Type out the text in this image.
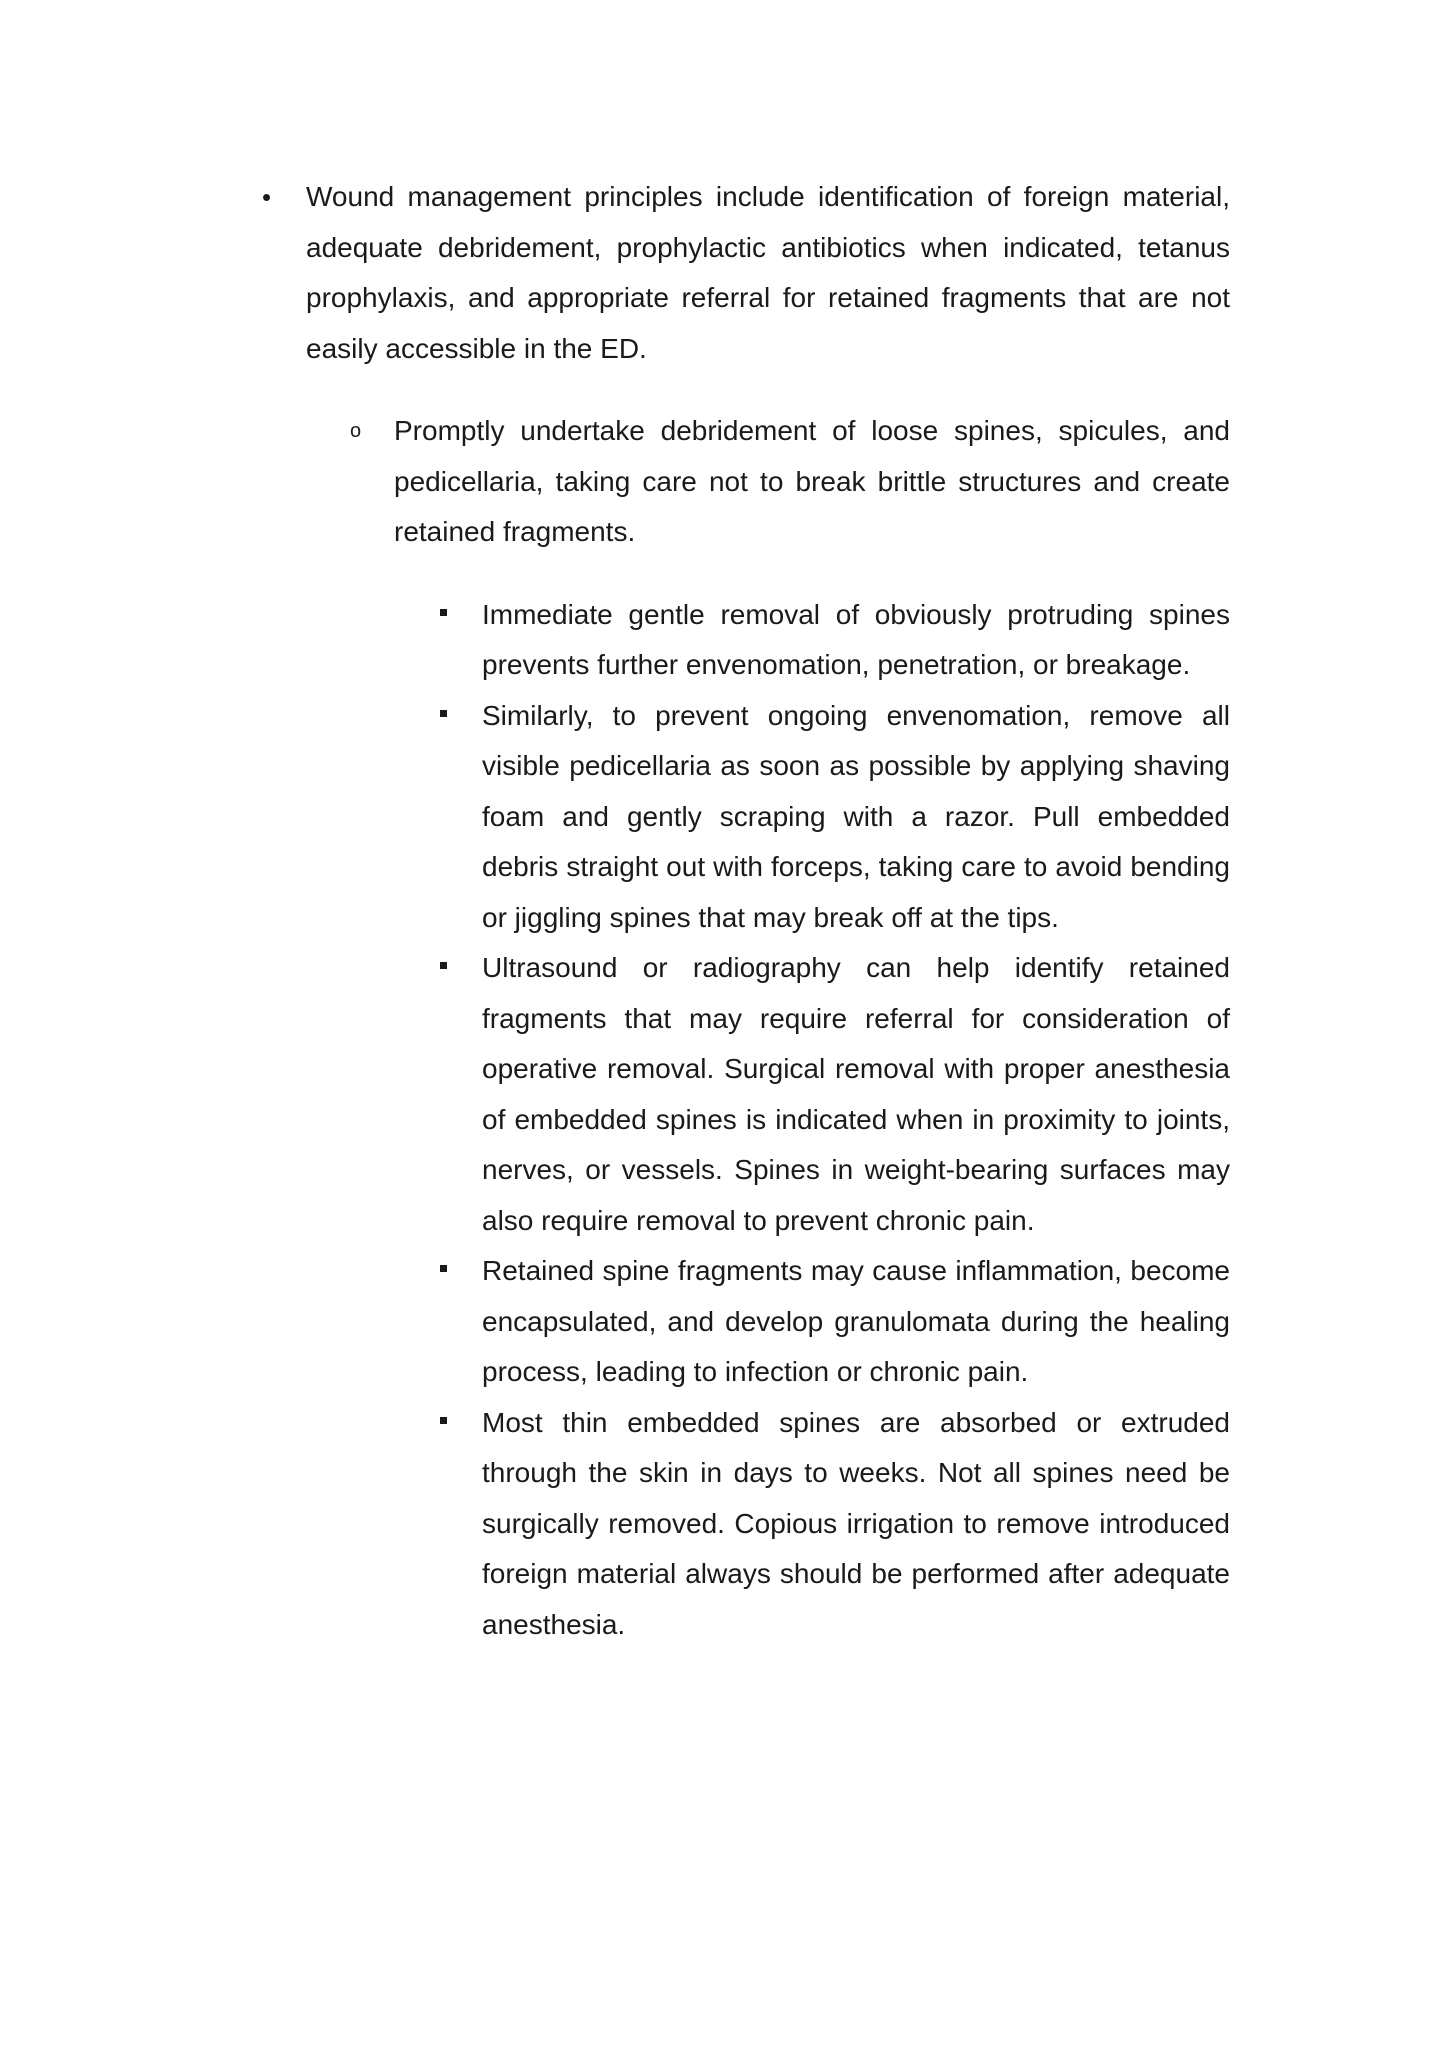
• Wound management principles include identification of foreign material, adequate debridement, prophylactic antibiotics when indicated, tetanus prophylaxis, and appropriate referral for retained fragments that are not easily accessible in the ED.

o Promptly undertake debridement of loose spines, spicules, and pedicellaria, taking care not to break brittle structures and create retained fragments.

Immediate gentle removal of obviously protruding spines prevents further envenomation, penetration, or breakage.

Similarly, to prevent ongoing envenomation, remove all visible pedicellaria as soon as possible by applying shaving foam and gently scraping with a razor. Pull embedded debris straight out with forceps, taking care to avoid bending or jiggling spines that may break off at the tips.

Ultrasound or radiography can help identify retained fragments that may require referral for consideration of operative removal. Surgical removal with proper anesthesia of embedded spines is indicated when in proximity to joints, nerves, or vessels. Spines in weight-bearing surfaces may also require removal to prevent chronic pain.

Retained spine fragments may cause inflammation, become encapsulated, and develop granulomata during the healing process, leading to infection or chronic pain.

Most thin embedded spines are absorbed or extruded through the skin in days to weeks. Not all spines need be surgically removed. Copious irrigation to remove introduced foreign material always should be performed after adequate anesthesia.
